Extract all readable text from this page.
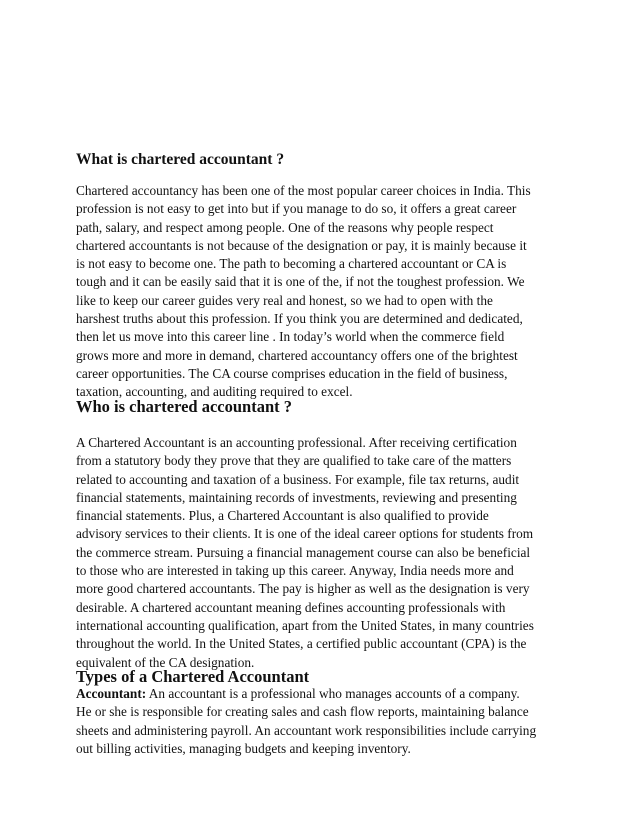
What is chartered accountant ?

Chartered accountancy has been one of the most popular career choices in India. This
profession is not easy to get into but if you manage to do so, it offers a great career
path, salary, and respect among people. One of the reasons why people respect
chartered accountants is not because of the designation or pay, it is mainly because it
is not easy to become one. The path to becoming a chartered accountant or CA is
tough and it can be easily said that it is one of the, if not the toughest profession. We
like to keep our career guides very real and honest, so we had to open with the
harshest truths about this profession. If you think you are determined and dedicated,
then let us move into this career line . In today’s world when the commerce field
grows more and more in demand, chartered accountancy offers one of the brightest
career opportunities. The CA course comprises education in the field of business,
taxation, accounting, and auditing required to excel.

Who is chartered accountant ?

A Chartered Accountant is an accounting professional. After receiving certification
from a statutory body they prove that they are qualified to take care of the matters
related to accounting and taxation of a business. For example, file tax returns, audit
financial statements, maintaining records of investments, reviewing and presenting
financial statements. Plus, a Chartered Accountant is also qualified to provide
advisory services to their clients. It is one of the ideal career options for students from
the commerce stream. Pursuing a financial management course can also be beneficial
to those who are interested in taking up this career. Anyway, India needs more and
more good chartered accountants. The pay is higher as well as the designation is very
desirable. A chartered accountant meaning defines accounting professionals with
international accounting qualification, apart from the United States, in many countries
throughout the world. In the United States, a certified public accountant (CPA) is the
equivalent of the CA designation.

Types of a Chartered Accountant

Accountant: An accountant is a professional who manages accounts of a company.
He or she is responsible for creating sales and cash flow reports, maintaining balance
sheets and administering payroll. An accountant work responsibilities include carrying
out billing activities, managing budgets and keeping inventory.
